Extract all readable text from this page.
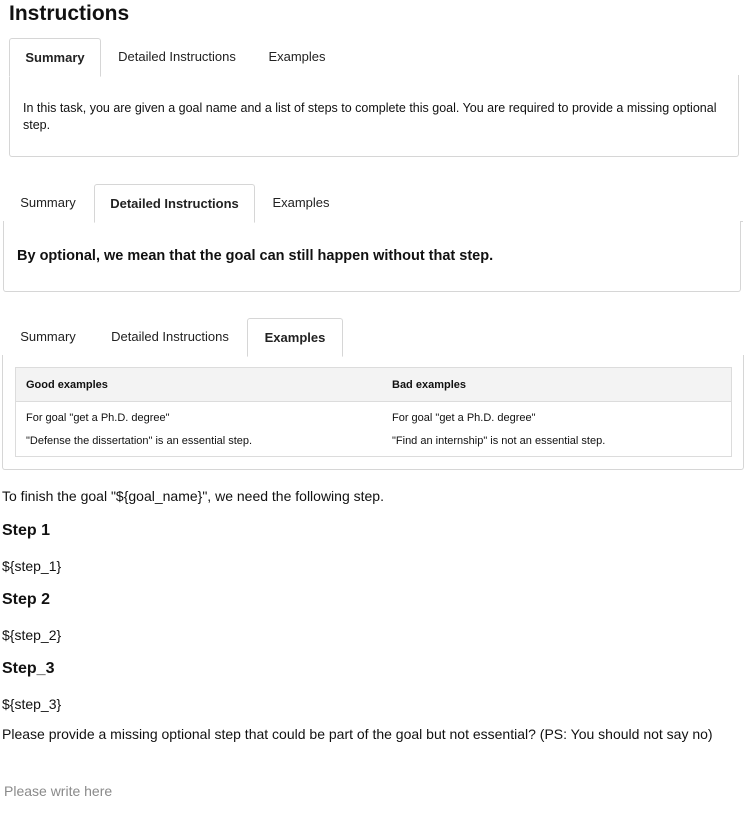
Instructions
Summary	Detailed Instructions	Examples
In this task, you are given a goal name and a list of steps to complete this goal. You are required to provide a missing optional step.
Summary	Detailed Instructions	Examples
By optional, we mean that the goal can still happen without that step.
Summary	Detailed Instructions	Examples
Good examples	Bad examples
For goal "get a Ph.D. degree"	For goal "get a Ph.D. degree"
"Defense the dissertation" is an essential step.	"Find an internship" is not an essential step.
To finish the goal "${goal_name}", we need the following step.
Step 1
${step_1}
Step 2
${step_2}
Step_3
${step_3}
Please provide a missing optional step that could be part of the goal but not essential? (PS: You should not say no)
Please write here
